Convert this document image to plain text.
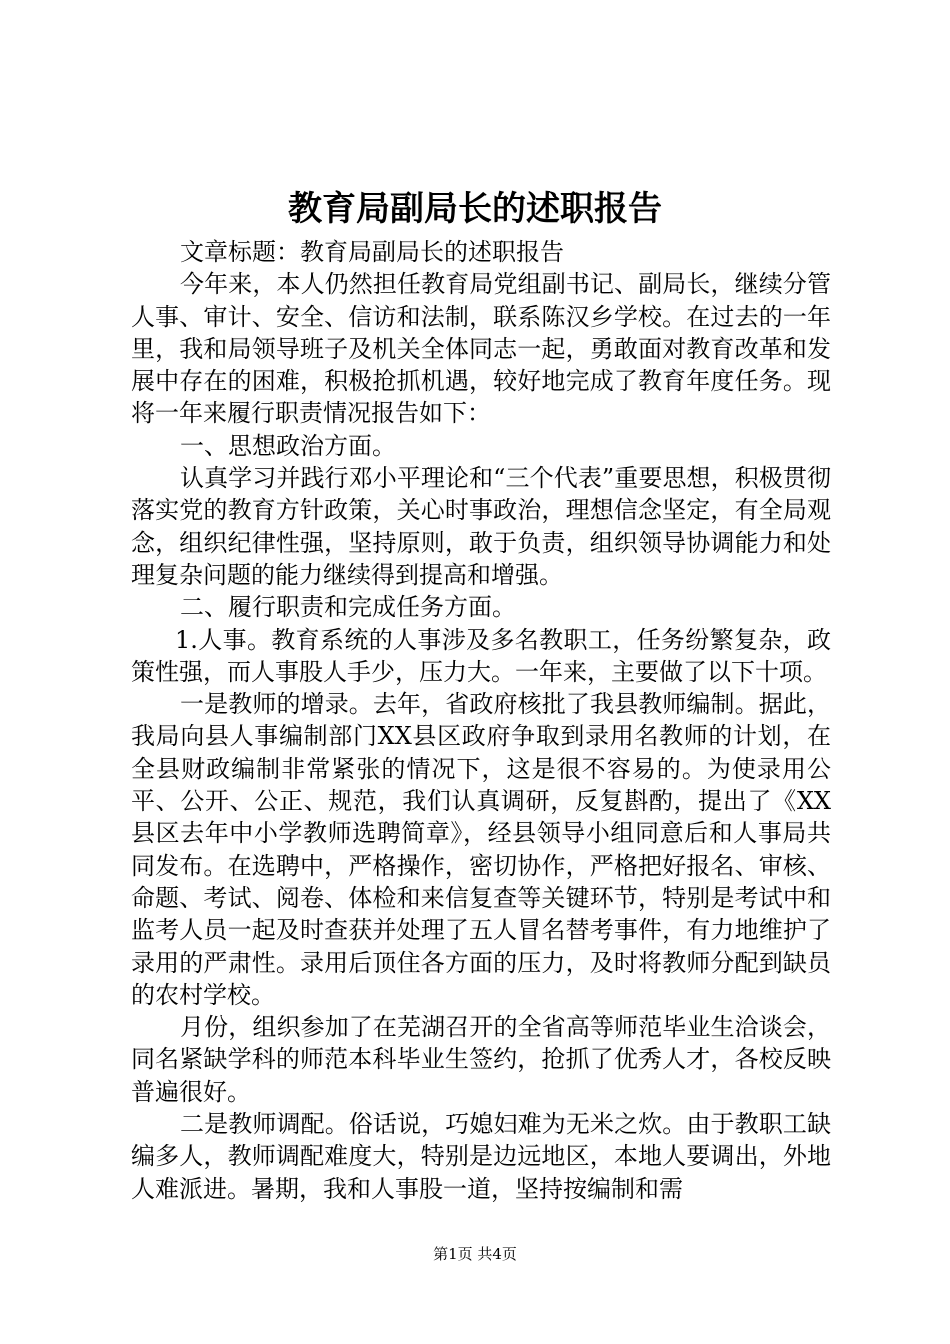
教育局副局长的述职报告

文章标题：教育局副局长的述职报告

今年来，本人仍然担任教育局党组副书记、副局长，继续分管人事、审计、安全、信访和法制，联系陈汉乡学校。在过去的一年里，我和局领导班子及机关全体同志一起，勇敢面对教育改革和发展中存在的困难，积极抢抓机遇，较好地完成了教育年度任务。现将一年来履行职责情况报告如下：

一、思想政治方面。

认真学习并践行邓小平理论和“三个代表”重要思想，积极贯彻落实党的教育方针政策，关心时事政治，理想信念坚定，有全局观念，组织纪律性强，坚持原则，敢于负责，组织领导协调能力和处理复杂问题的能力继续得到提高和增强。

二、履行职责和完成任务方面。

1.人事。教育系统的人事涉及多名教职工，任务纷繁复杂，政策性强，而人事股人手少，压力大。一年来，主要做了以下十项。

一是教师的增录。去年，省政府核批了我县教师编制。据此，我局向县人事编制部门XX县区政府争取到录用名教师的计划，在全县财政编制非常紧张的情况下，这是很不容易的。为使录用公平、公开、公正、规范，我们认真调研，反复斟酌，提出了《XX县区去年中小学教师选聘简章》，经县领导小组同意后和人事局共同发布。在选聘中，严格操作，密切协作，严格把好报名、审核、命题、考试、阅卷、体检和来信复查等关键环节，特别是考试中和监考人员一起及时查获并处理了五人冒名替考事件，有力地维护了录用的严肃性。录用后顶住各方面的压力，及时将教师分配到缺员的农村学校。

月份，组织参加了在芜湖召开的全省高等师范毕业生洽谈会，同名紧缺学科的师范本科毕业生签约，抢抓了优秀人才，各校反映普遍很好。

二是教师调配。俗话说，巧媳妇难为无米之炊。由于教职工缺编多人，教师调配难度大，特别是边远地区，本地人要调出，外地人难派进。暑期，我和人事股一道，坚持按编制和需

第1页 共4页
